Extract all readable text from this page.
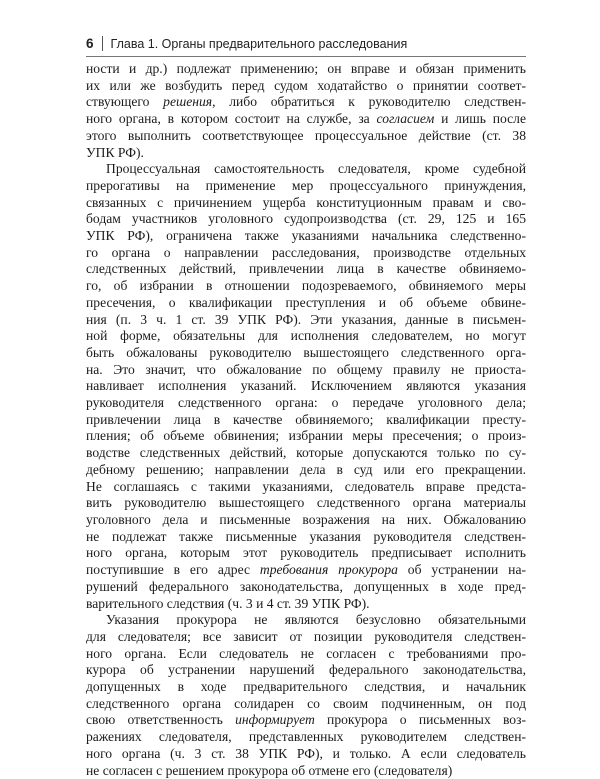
6 Глава 1. Органы предварительного расследования
ности и др.) подлежат применению; он вправе и обязан применить
их или же возбудить перед судом ходатайство о принятии соответ-
ствующего решения, либо обратиться к руководителю следствен-
ного органа, в котором состоит на службе, за согласием и лишь после
этого выполнить соответствующее процессуальное действие (ст. 38
УПК РФ).
Процессуальная самостоятельность следователя, кроме судебной
прерогативы на применение мер процессуального принуждения,
связанных с причинением ущерба конституционным правам и сво-
бодам участников уголовного судопроизводства (ст. 29, 125 и 165
УПК РФ), ограничена также указаниями начальника следственно-
го органа о направлении расследования, производстве отдельных
следственных действий, привлечении лица в качестве обвиняемо-
го, об избрании в отношении подозреваемого, обвиняемого меры
пресечения, о квалификации преступления и об объеме обвине-
ния (п. 3 ч. 1 ст. 39 УПК РФ). Эти указания, данные в письмен-
ной форме, обязательны для исполнения следователем, но могут
быть обжалованы руководителю вышестоящего следственного орга-
на. Это значит, что обжалование по общему правилу не приоста-
навливает исполнения указаний. Исключением являются указания
руководителя следственного органа: о передаче уголовного дела;
привлечении лица в качестве обвиняемого; квалификации престу-
пления; об объеме обвинения; избрании меры пресечения; о произ-
водстве следственных действий, которые допускаются только по су-
дебному решению; направлении дела в суд или его прекращении.
Не соглашаясь с такими указаниями, следователь вправе предста-
вить руководителю вышестоящего следственного органа материалы
уголовного дела и письменные возражения на них. Обжалованию
не подлежат также письменные указания руководителя следствен-
ного органа, которым этот руководитель предписывает исполнить
поступившие в его адрес требования прокурора об устранении на-
рушений федерального законодательства, допущенных в ходе пред-
варительного следствия (ч. 3 и 4 ст. 39 УПК РФ).
Указания прокурора не являются безусловно обязательными
для следователя; все зависит от позиции руководителя следствен-
ного органа. Если следователь не согласен с требованиями про-
курора об устранении нарушений федерального законодательства,
допущенных в ходе предварительного следствия, и начальник
следственного органа солидарен со своим подчиненным, он под
свою ответственность информирует прокурора о письменных воз-
ражениях следователя, представленных руководителем следствен-
ного органа (ч. 3 ст. 38 УПК РФ), и только. А если следователь
не согласен с решением прокурора об отмене его (следователя)
